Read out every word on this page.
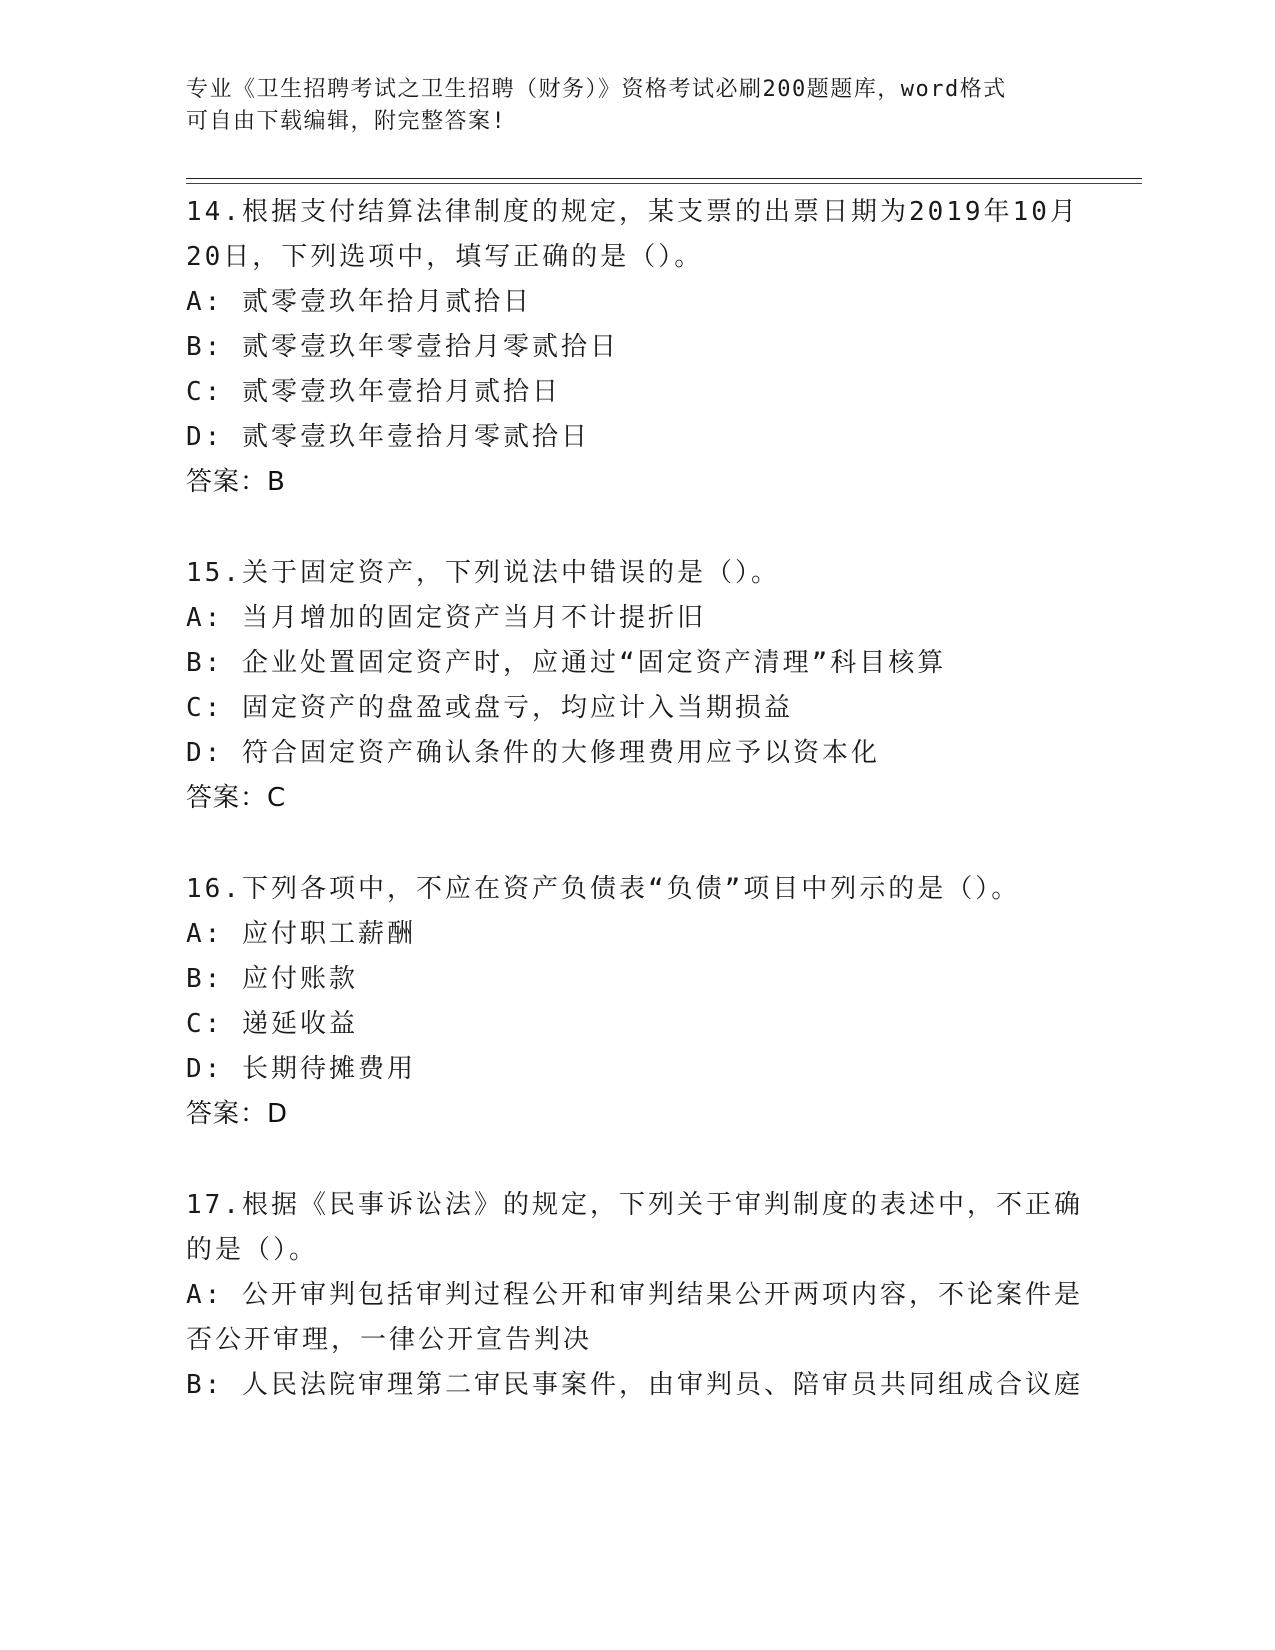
专业《卫生招聘考试之卫生招聘（财务）》资格考试必刷200题题库，word格式
可自由下载编辑，附完整答案!
14.根据支付结算法律制度的规定，某支票的出票日期为2019年10月
20日，下列选项中，填写正确的是（）。
A: 贰零壹玖年拾月贰拾日
B: 贰零壹玖年零壹拾月零贰拾日
C: 贰零壹玖年壹拾月贰拾日
D: 贰零壹玖年壹拾月零贰拾日
答案：B
15.关于固定资产，下列说法中错误的是（）。
A: 当月增加的固定资产当月不计提折旧
B: 企业处置固定资产时，应通过“固定资产清理”科目核算
C: 固定资产的盘盈或盘亏，均应计入当期损益
D: 符合固定资产确认条件的大修理费用应予以资本化
答案：C
16.下列各项中，不应在资产负债表“负债”项目中列示的是（）。
A: 应付职工薪酬
B: 应付账款
C: 递延收益
D: 长期待摊费用
答案：D
17.根据《民事诉讼法》的规定，下列关于审判制度的表述中，不正确
的是（）。
A: 公开审判包括审判过程公开和审判结果公开两项内容，不论案件是
否公开审理，一律公开宣告判决
B: 人民法院审理第二审民事案件，由审判员、陪审员共同组成合议庭
